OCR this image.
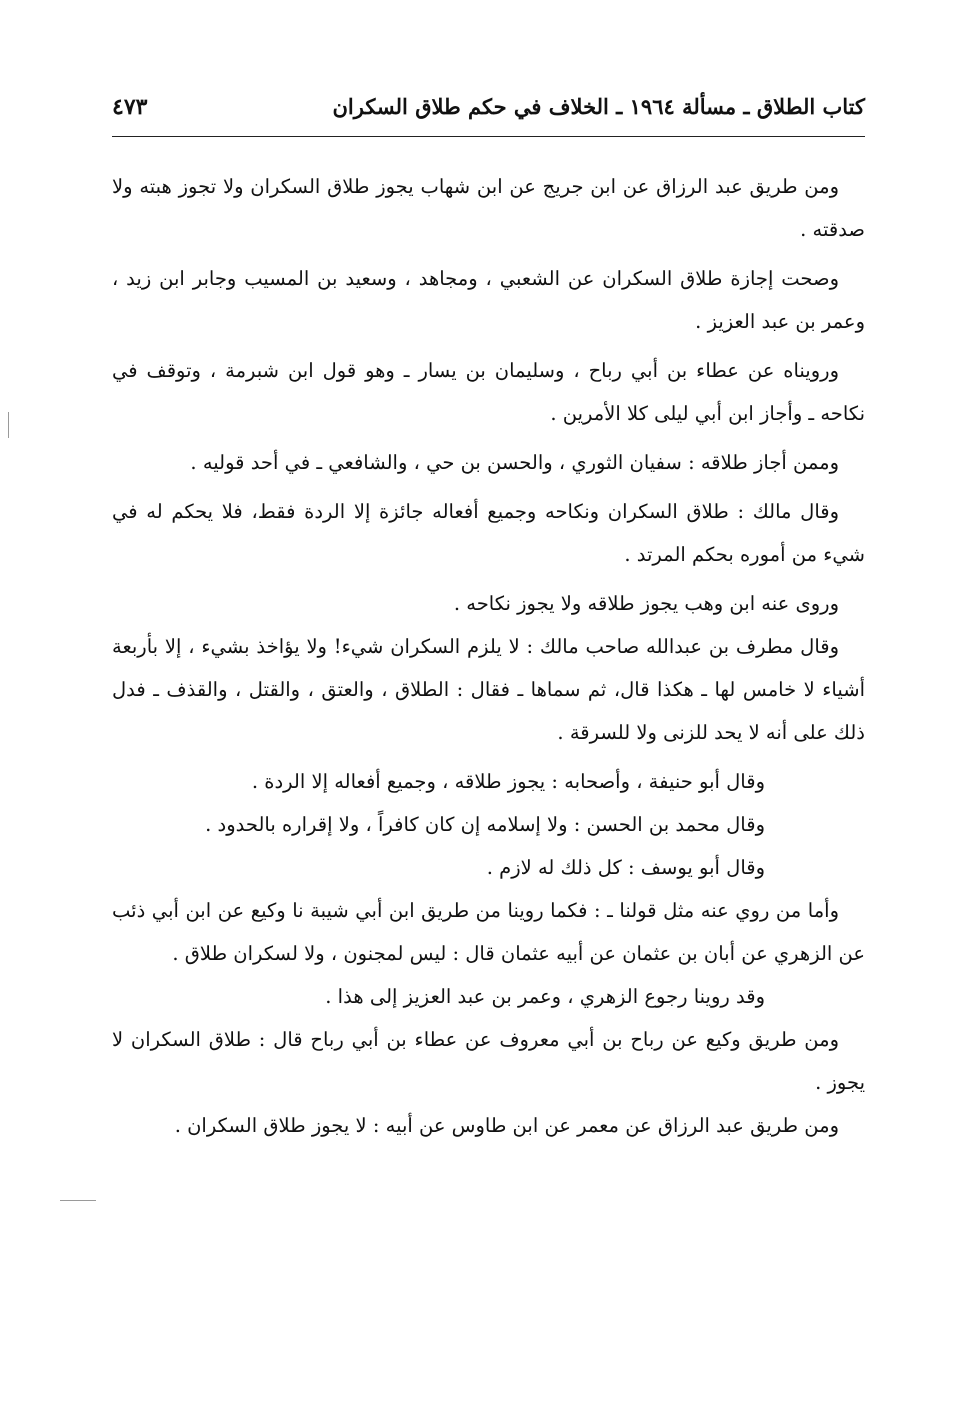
كتاب الطلاق ـ مسألة ١٩٦٤ ـ الخلاف في حكم طلاق السكران
٤٧٣

ومن طريق عبد الرزاق عن ابن جريج عن ابن شهاب يجوز طلاق السكران ولا تجوز هبته ولا صدقته .

وصحت إجازة طلاق السكران عن الشعبي ، ومجاهد ، وسعيد بن المسيب وجابر ابن زيد ، وعمر بن عبد العزيز .

ورويناه عن عطاء بن أبي رباح ، وسليمان بن يسار ـ وهو قول ابن شبرمة ، وتوقف في نكاحه ـ وأجاز ابن أبي ليلى كلا الأمرين .

وممن أجاز طلاقه : سفيان الثوري ، والحسن بن حي ، والشافعي ـ في أحد قوليه .

وقال مالك : طلاق السكران ونكاحه وجميع أفعاله جائزة إلا الردة فقط، فلا يحكم له في شيء من أموره بحكم المرتد .

وروى عنه ابن وهب يجوز طلاقه ولا يجوز نكاحه .

وقال مطرف بن عبدالله صاحب مالك : لا يلزم السكران شيء! ولا يؤاخذ بشيء ، إلا بأربعة أشياء لا خامس لها ـ هكذا قال، ثم سماها ـ فقال : الطلاق ، والعتق ، والقتل ، والقذف ـ فدل ذلك على أنه لا يحد للزنى ولا للسرقة .

وقال أبو حنيفة ، وأصحابه : يجوز طلاقه ، وجميع أفعاله إلا الردة .

وقال محمد بن الحسن : ولا إسلامه إن كان كافراً ، ولا إقراره بالحدود .

وقال أبو يوسف : كل ذلك له لازم .

وأما من روي عنه مثل قولنا ـ : فكما روينا من طريق ابن أبي شيبة نا وكيع عن ابن أبي ذئب عن الزهري عن أبان بن عثمان عن أبيه عثمان قال : ليس لمجنون ، ولا لسكران طلاق .

وقد روينا رجوع الزهري ، وعمر بن عبد العزيز إلى هذا .

ومن طريق وكيع عن رباح بن أبي معروف عن عطاء بن أبي رباح قال : طلاق السكران لا يجوز .

ومن طريق عبد الرزاق عن معمر عن ابن طاوس عن أبيه : لا يجوز طلاق السكران .
